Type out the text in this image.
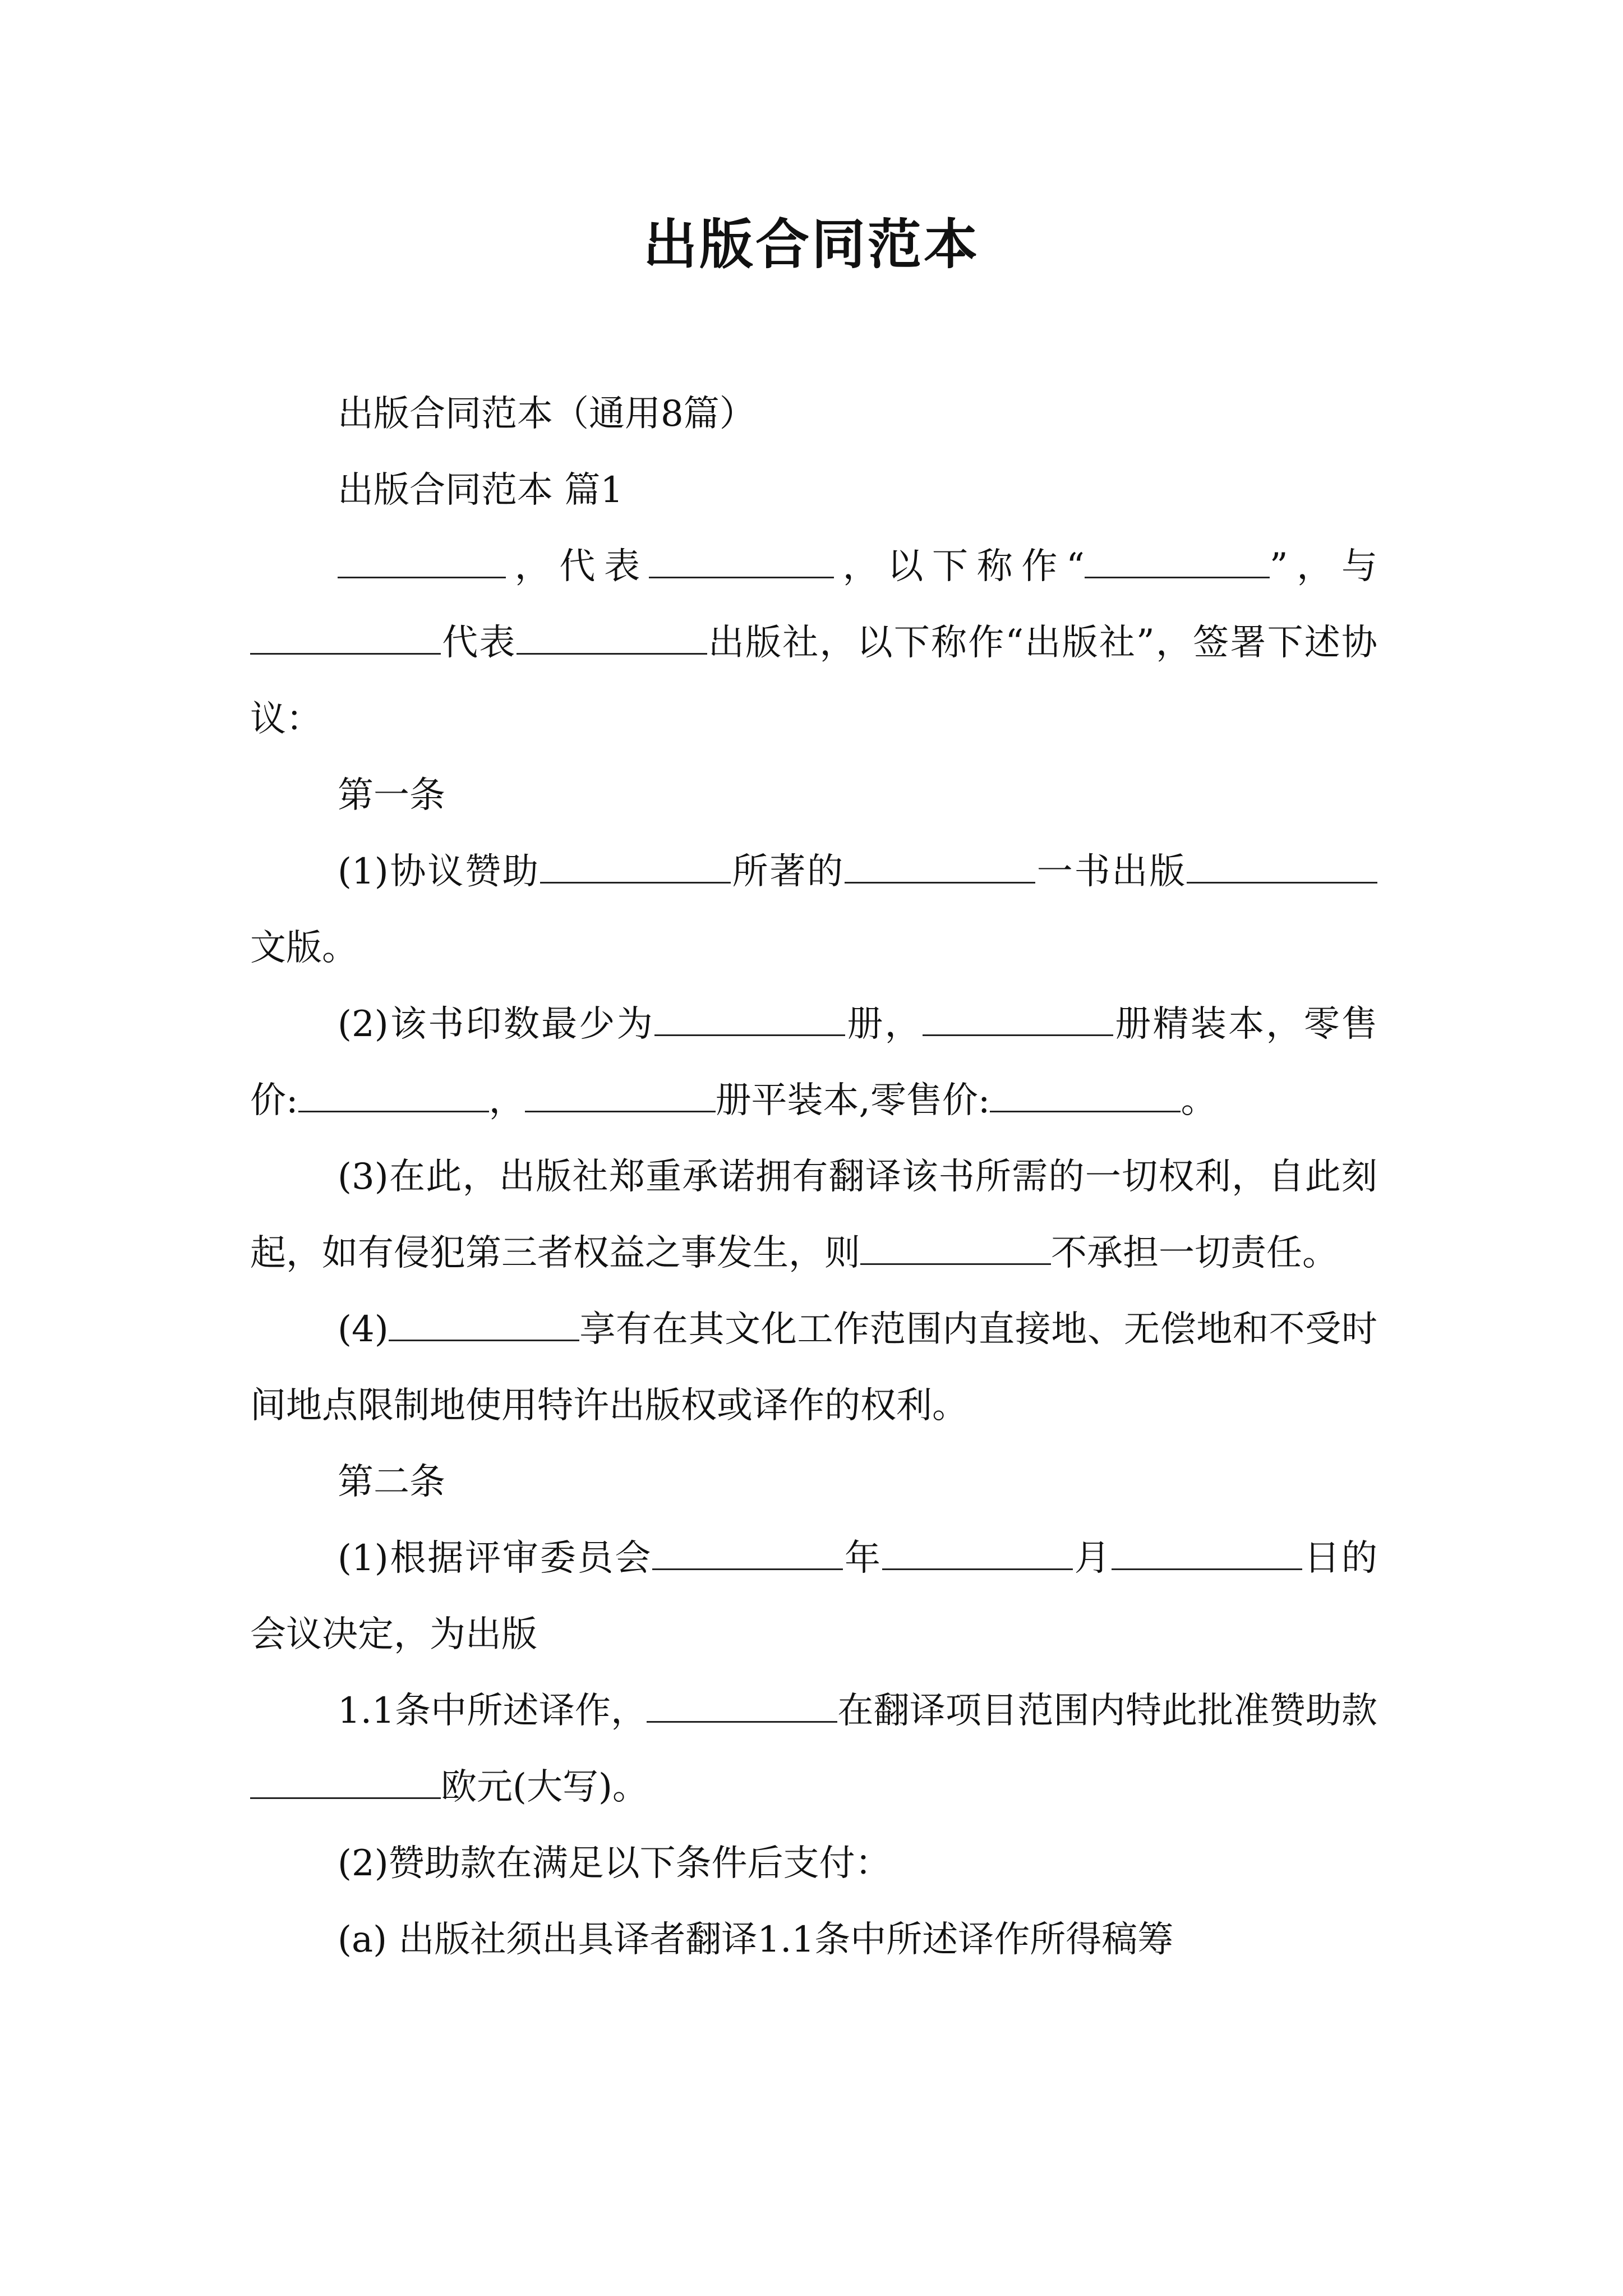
出版合同范本

出版合同范本（通用8篇）

出版合同范本 篇1

，代表	，以下称作“	”，与代表	出版社，以下称作“出版社”，签署下述协议：

第一条

(1)协议赞助	所著的	一书出版文版。

(2)该书印数最少为	册，	册精装本，零售价:	，	册平装本,零售价:	。

(3)在此，出版社郑重承诺拥有翻译该书所需的一切权利，自此刻起，如有侵犯第三者权益之事发生，则	不承担一切责任。

(4)	享有在其文化工作范围内直接地、无偿地和不受时间地点限制地使用特许出版权或译作的权利。

第二条

(1)根据评审委员会	年	月	日的会议决定，为出版

1.1条中所述译作，	在翻译项目范围内特此批准赞助款欧元(大写)。

(2)赞助款在满足以下条件后支付：

(a) 出版社须出具译者翻译1.1条中所述译作所得稿筹
